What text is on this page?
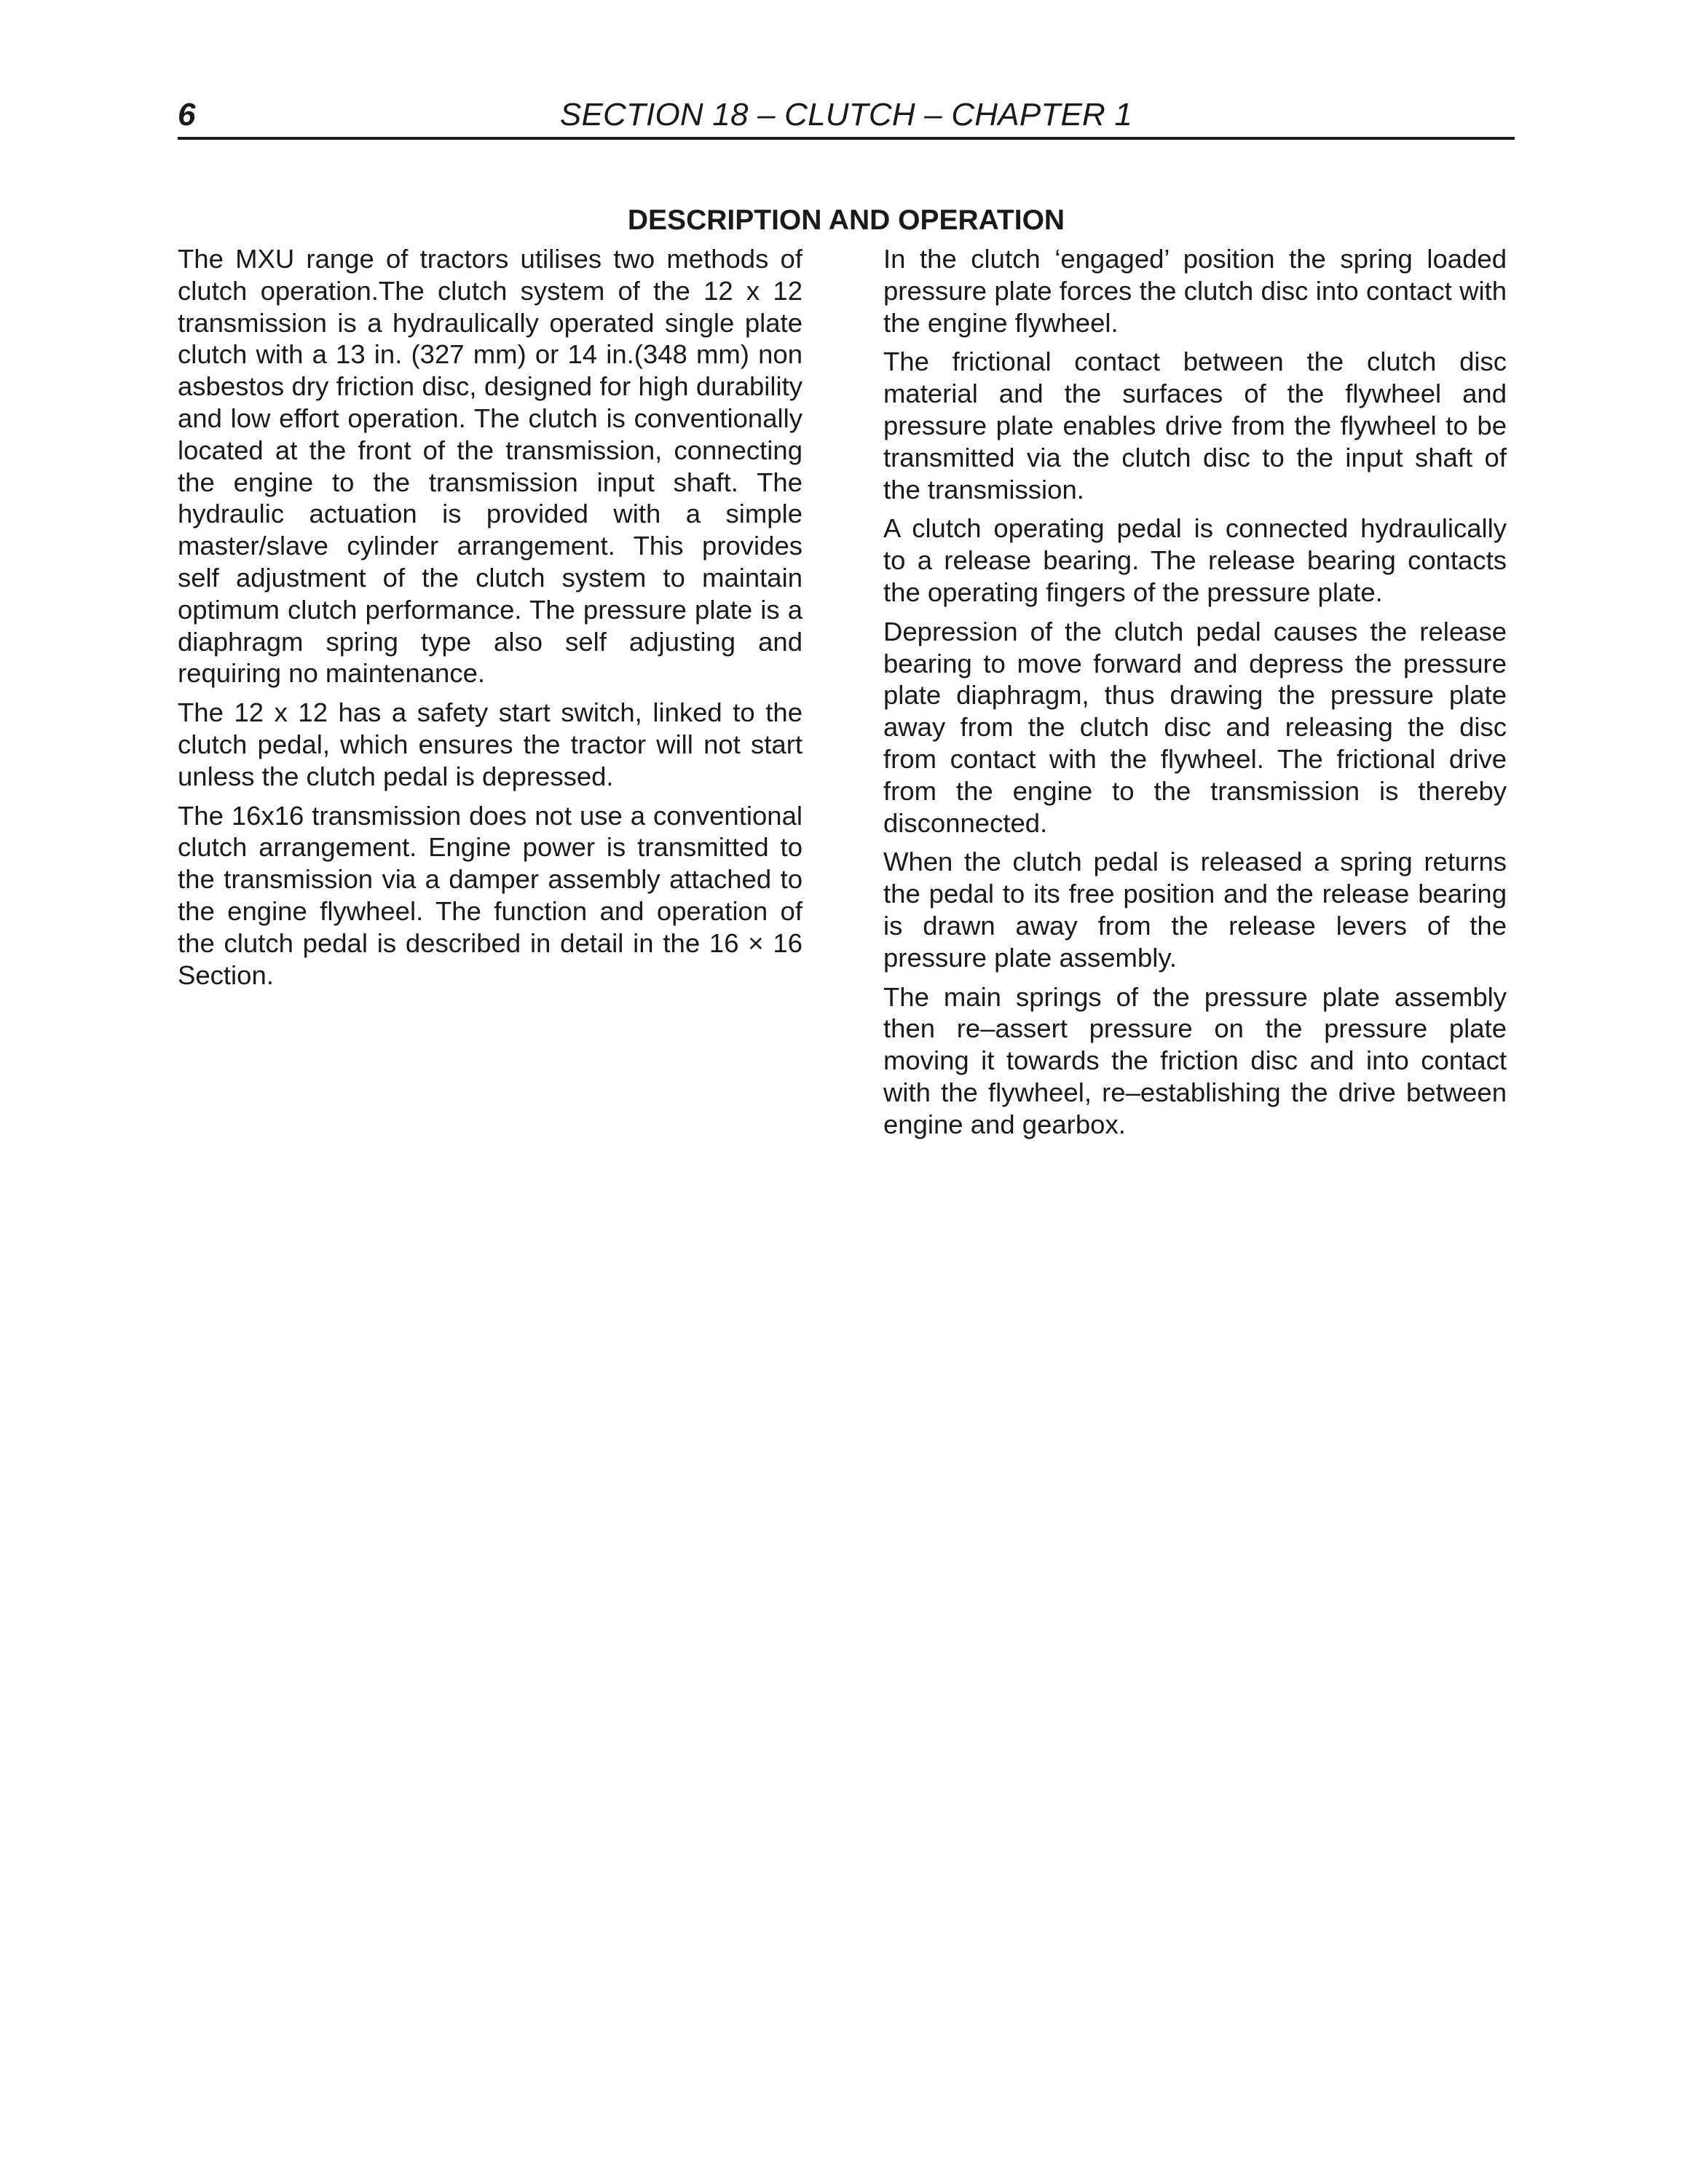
6	SECTION 18 – CLUTCH – CHAPTER 1
DESCRIPTION AND OPERATION

The MXU range of tractors utilises two methods of clutch operation.The clutch system of the 12 x 12 transmission is a hydraulically operated single plate clutch with a 13 in. (327 mm) or 14 in.(348 mm) non asbestos dry friction disc, designed for high durability and low effort operation. The clutch is conventionally located at the front of the transmission, connecting the engine to the transmission input shaft. The hydraulic actuation is provided with a simple master/slave cylinder arrangement. This provides self adjustment of the clutch system to maintain optimum clutch performance. The pressure plate is a diaphragm spring type also self adjusting and requiring no maintenance.

The 12 x 12 has a safety start switch, linked to the clutch pedal, which ensures the tractor will not start unless the clutch pedal is depressed.

The 16x16 transmission does not use a conventional clutch arrangement. Engine power is transmitted to the transmission via a damper assembly attached to the engine flywheel. The function and operation of the clutch pedal is described in detail in the 16 × 16 Section.

In the clutch ‘engaged’ position the spring loaded pressure plate forces the clutch disc into contact with the engine flywheel.

The frictional contact between the clutch disc material and the surfaces of the flywheel and pressure plate enables drive from the flywheel to be transmitted via the clutch disc to the input shaft of the transmission.

A clutch operating pedal is connected hydraulically to a release bearing. The release bearing contacts the operating fingers of the pressure plate.

Depression of the clutch pedal causes the release bearing to move forward and depress the pressure plate diaphragm, thus drawing the pressure plate away from the clutch disc and releasing the disc from contact with the flywheel. The frictional drive from the engine to the transmission is thereby disconnected.

When the clutch pedal is released a spring returns the pedal to its free position and the release bearing is drawn away from the release levers of the pressure plate assembly.

The main springs of the pressure plate assembly then re–assert pressure on the pressure plate moving it towards the friction disc and into contact with the flywheel, re–establishing the drive between engine and gearbox.
